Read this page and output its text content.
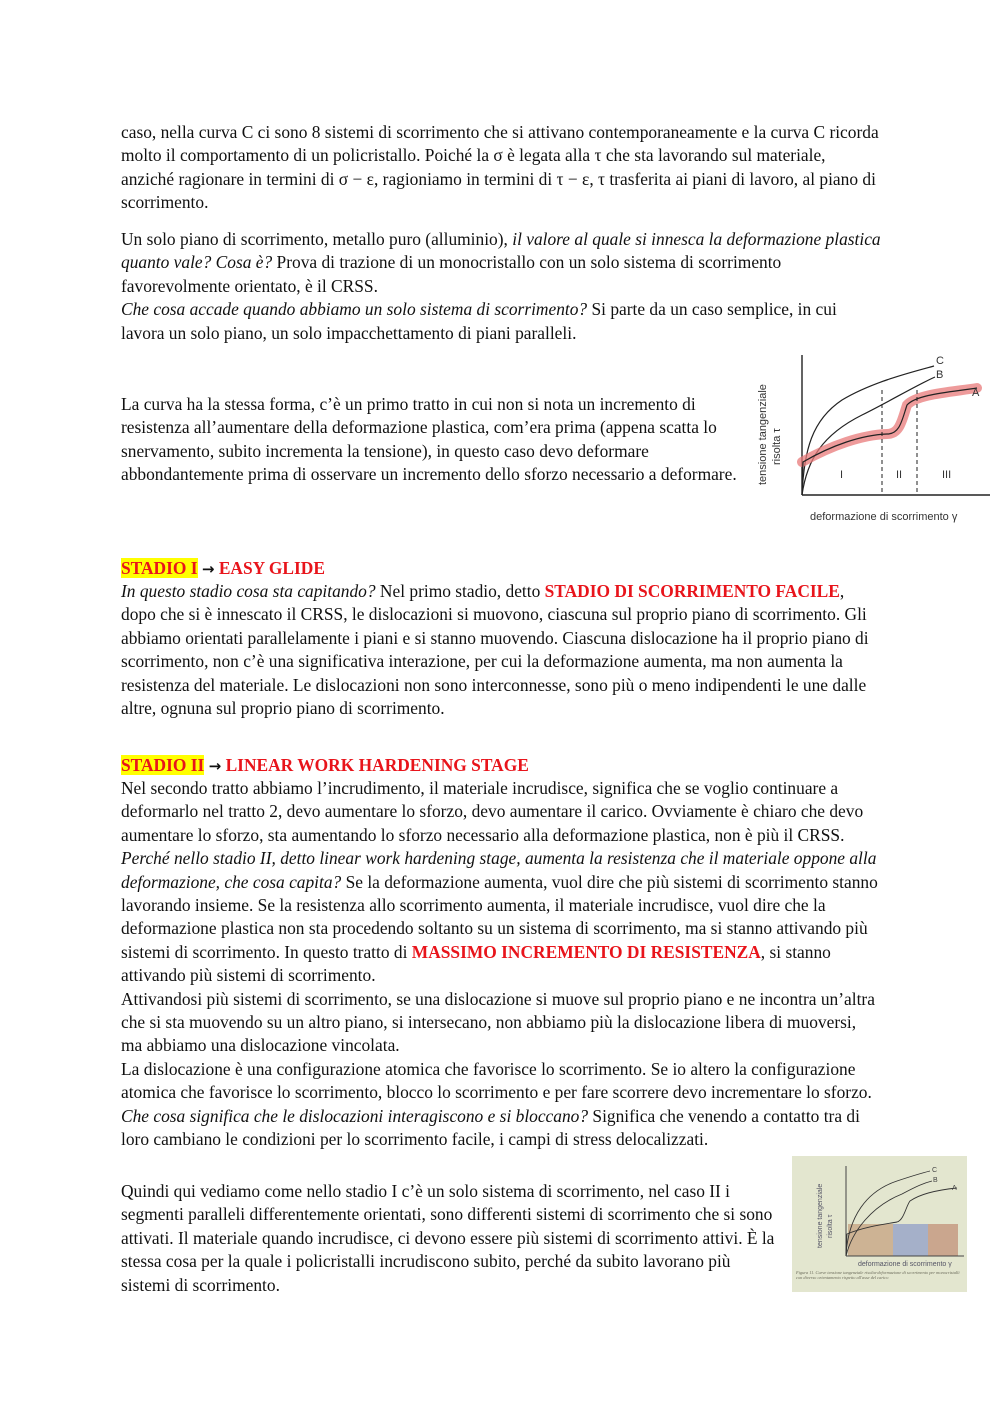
caso, nella curva C ci sono 8 sistemi di scorrimento che si attivano contemporaneamente e la curva C ricorda molto il comportamento di un policristallo. Poiché la σ è legata alla τ che sta lavorando sul materiale, anziché ragionare in termini di σ − ε, ragioniamo in termini di τ − ε, τ trasferita ai piani di lavoro, al piano di scorrimento.

Un solo piano di scorrimento, metallo puro (alluminio), il valore al quale si innesca la deformazione plastica quanto vale? Cosa è? Prova di trazione di un monocristallo con un solo sistema di scorrimento favorevolmente orientato, è il CRSS.
Che cosa accade quando abbiamo un solo sistema di scorrimento? Si parte da un caso semplice, in cui lavora un solo piano, un solo impacchettamento di piani paralleli.

La curva ha la stessa forma, c’è un primo tratto in cui non si nota un incremento di resistenza all’aumentare della deformazione plastica, com’era prima (appena scatta lo snervamento, subito incrementa la tensione), in questo caso devo deformare abbondantemente prima di osservare un incremento dello sforzo necessario a deformare. tensione tangenziale risolta τ
C
B
A
I	II	III
deformazione di scorrimento γ
STADIO I → EASY GLIDE

In questo stadio cosa sta capitando? Nel primo stadio, detto STADIO DI SCORRIMENTO FACILE, dopo che si è innescato il CRSS, le dislocazioni si muovono, ciascuna sul proprio piano di scorrimento. Gli abbiamo orientati parallelamente i piani e si stanno muovendo. Ciascuna dislocazione ha il proprio piano di scorrimento, non c’è una significativa interazione, per cui la deformazione aumenta, ma non aumenta la resistenza del materiale. Le dislocazioni non sono interconnesse, sono più o meno indipendenti le une dalle altre, ognuna sul proprio piano di scorrimento.

STADIO II → LINEAR WORK HARDENING STAGE

Nel secondo tratto abbiamo l’incrudimento, il materiale incrudisce, significa che se voglio continuare a deformarlo nel tratto 2, devo aumentare lo sforzo, devo aumentare il carico. Ovviamente è chiaro che devo aumentare lo sforzo, sta aumentando lo sforzo necessario alla deformazione plastica, non è più il CRSS. Perché nello stadio II, detto linear work hardening stage, aumenta la resistenza che il materiale oppone alla deformazione, che cosa capita? Se la deformazione aumenta, vuol dire che più sistemi di scorrimento stanno lavorando insieme. Se la resistenza allo scorrimento aumenta, il materiale incrudisce, vuol dire che la deformazione plastica non sta procedendo soltanto su un sistema di scorrimento, ma si stanno attivando più sistemi di scorrimento. In questo tratto di MASSIMO INCREMENTO DI RESISTENZA, si stanno attivando più sistemi di scorrimento.
Attivandosi più sistemi di scorrimento, se una dislocazione si muove sul proprio piano e ne incontra un’altra che si sta muovendo su un altro piano, si intersecano, non abbiamo più la dislocazione libera di muoversi, ma abbiamo una dislocazione vincolata.
La dislocazione è una configurazione atomica che favorisce lo scorrimento. Se io altero la configurazione atomica che favorisce lo scorrimento, blocco lo scorrimento e per fare scorrere devo incrementare lo sforzo. Che cosa significa che le dislocazioni interagiscono e si bloccano? Significa che venendo a contatto tra di loro cambiano le condizioni per lo scorrimento facile, i campi di stress delocalizzati.

Quindi qui vediamo come nello stadio I c’è un solo sistema di scorrimento, nel caso II i segmenti paralleli differentemente orientati, sono differenti sistemi di scorrimento che si sono attivati. Il materiale quando incrudisce, ci devono essere più sistemi di scorrimento attivi. È la stessa cosa per la quale i policristalli incrudiscono subito, perché da subito lavorano più sistemi di scorrimento.

tensione tangenziale risolta τ
C
B
A
deformazione di scorrimento γ
Figura 11. Curve tensione tangenziale risolta-deformazione di scorrimento per monocristalli con diverso orientamento rispetto all'asse del carico
